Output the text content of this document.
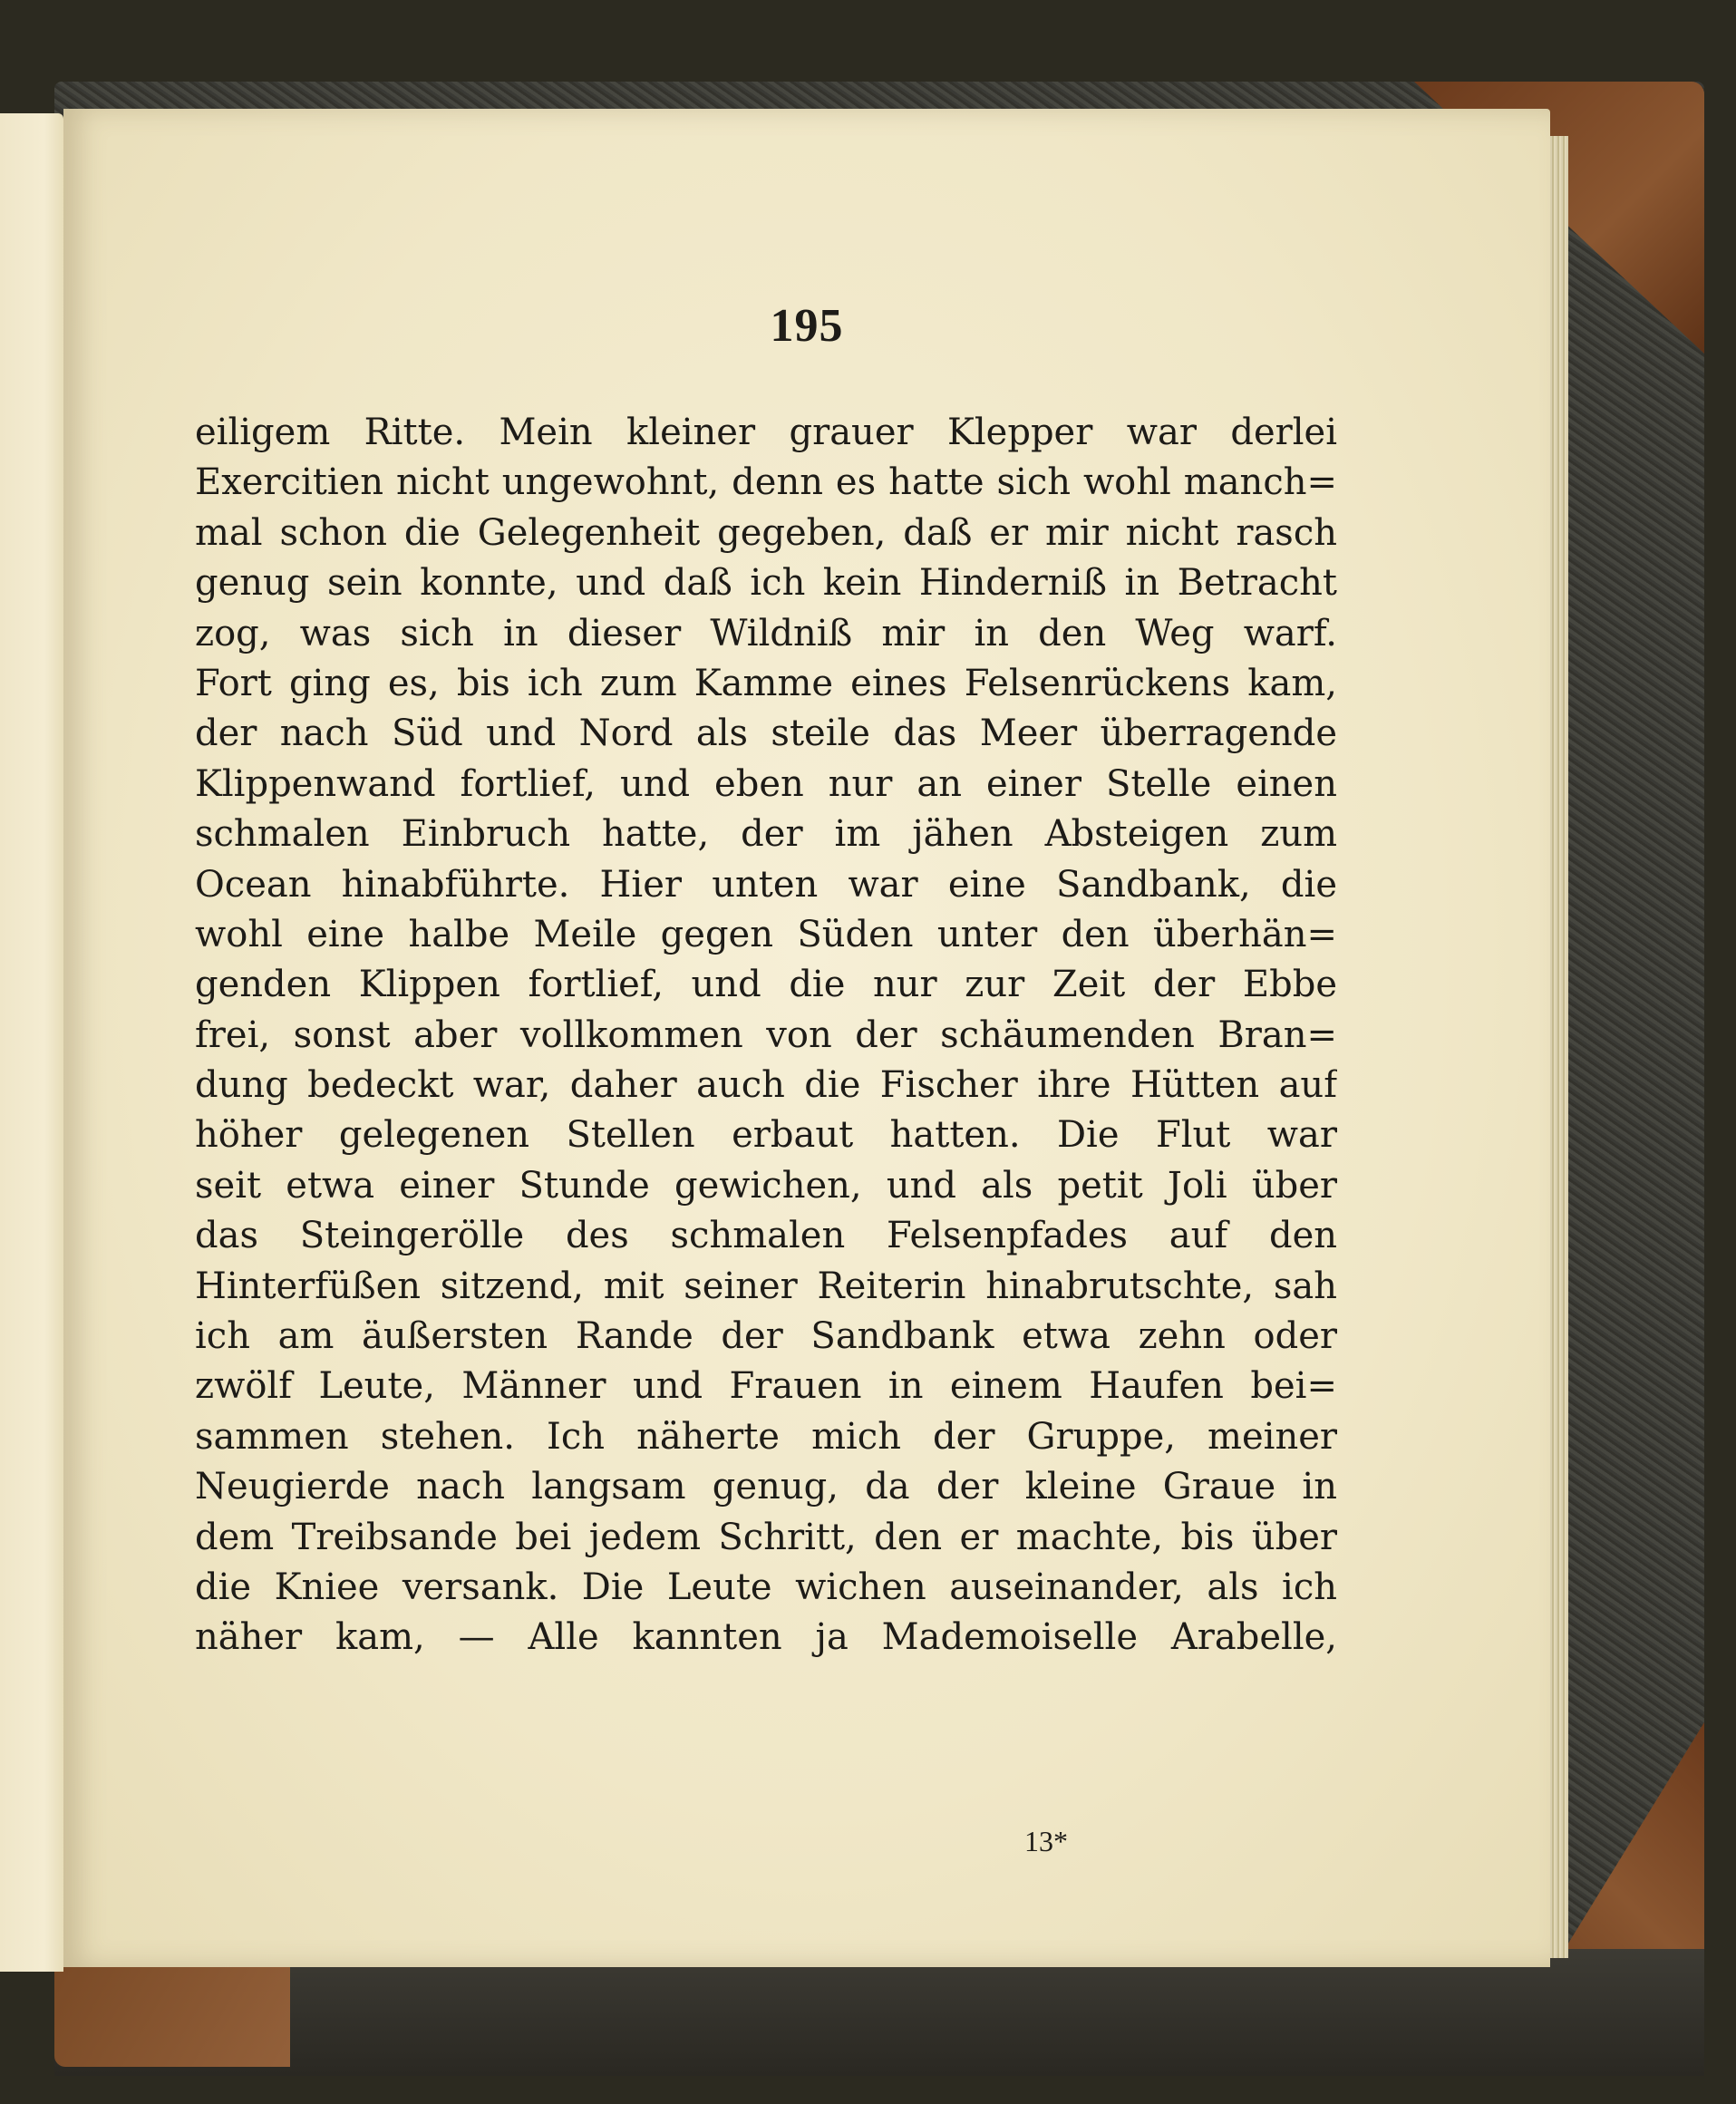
195
eiligem Ritte. Mein kleiner grauer Klepper war derlei
Exercitien nicht ungewohnt, denn es hatte sich wohl manch=
mal schon die Gelegenheit gegeben, daß er mir nicht rasch
genug sein konnte, und daß ich kein Hinderniß in Betracht
zog, was sich in dieser Wildniß mir in den Weg warf.
Fort ging es, bis ich zum Kamme eines Felsenrückens kam,
der nach Süd und Nord als steile das Meer überragende
Klippenwand fortlief, und eben nur an einer Stelle einen
schmalen Einbruch hatte, der im jähen Absteigen zum
Ocean hinabführte. Hier unten war eine Sandbank, die
wohl eine halbe Meile gegen Süden unter den überhän=
genden Klippen fortlief, und die nur zur Zeit der Ebbe
frei, sonst aber vollkommen von der schäumenden Bran=
dung bedeckt war, daher auch die Fischer ihre Hütten auf
höher gelegenen Stellen erbaut hatten. Die Flut war
seit etwa einer Stunde gewichen, und als petit Joli über
das Steingerölle des schmalen Felsenpfades auf den
Hinterfüßen sitzend, mit seiner Reiterin hinabrutschte, sah
ich am äußersten Rande der Sandbank etwa zehn oder
zwölf Leute, Männer und Frauen in einem Haufen bei=
sammen stehen. Ich näherte mich der Gruppe, meiner
Neugierde nach langsam genug, da der kleine Graue in
dem Treibsande bei jedem Schritt, den er machte, bis über
die Kniee versank. Die Leute wichen auseinander, als ich
näher kam, — Alle kannten ja Mademoiselle Arabelle,
13*
